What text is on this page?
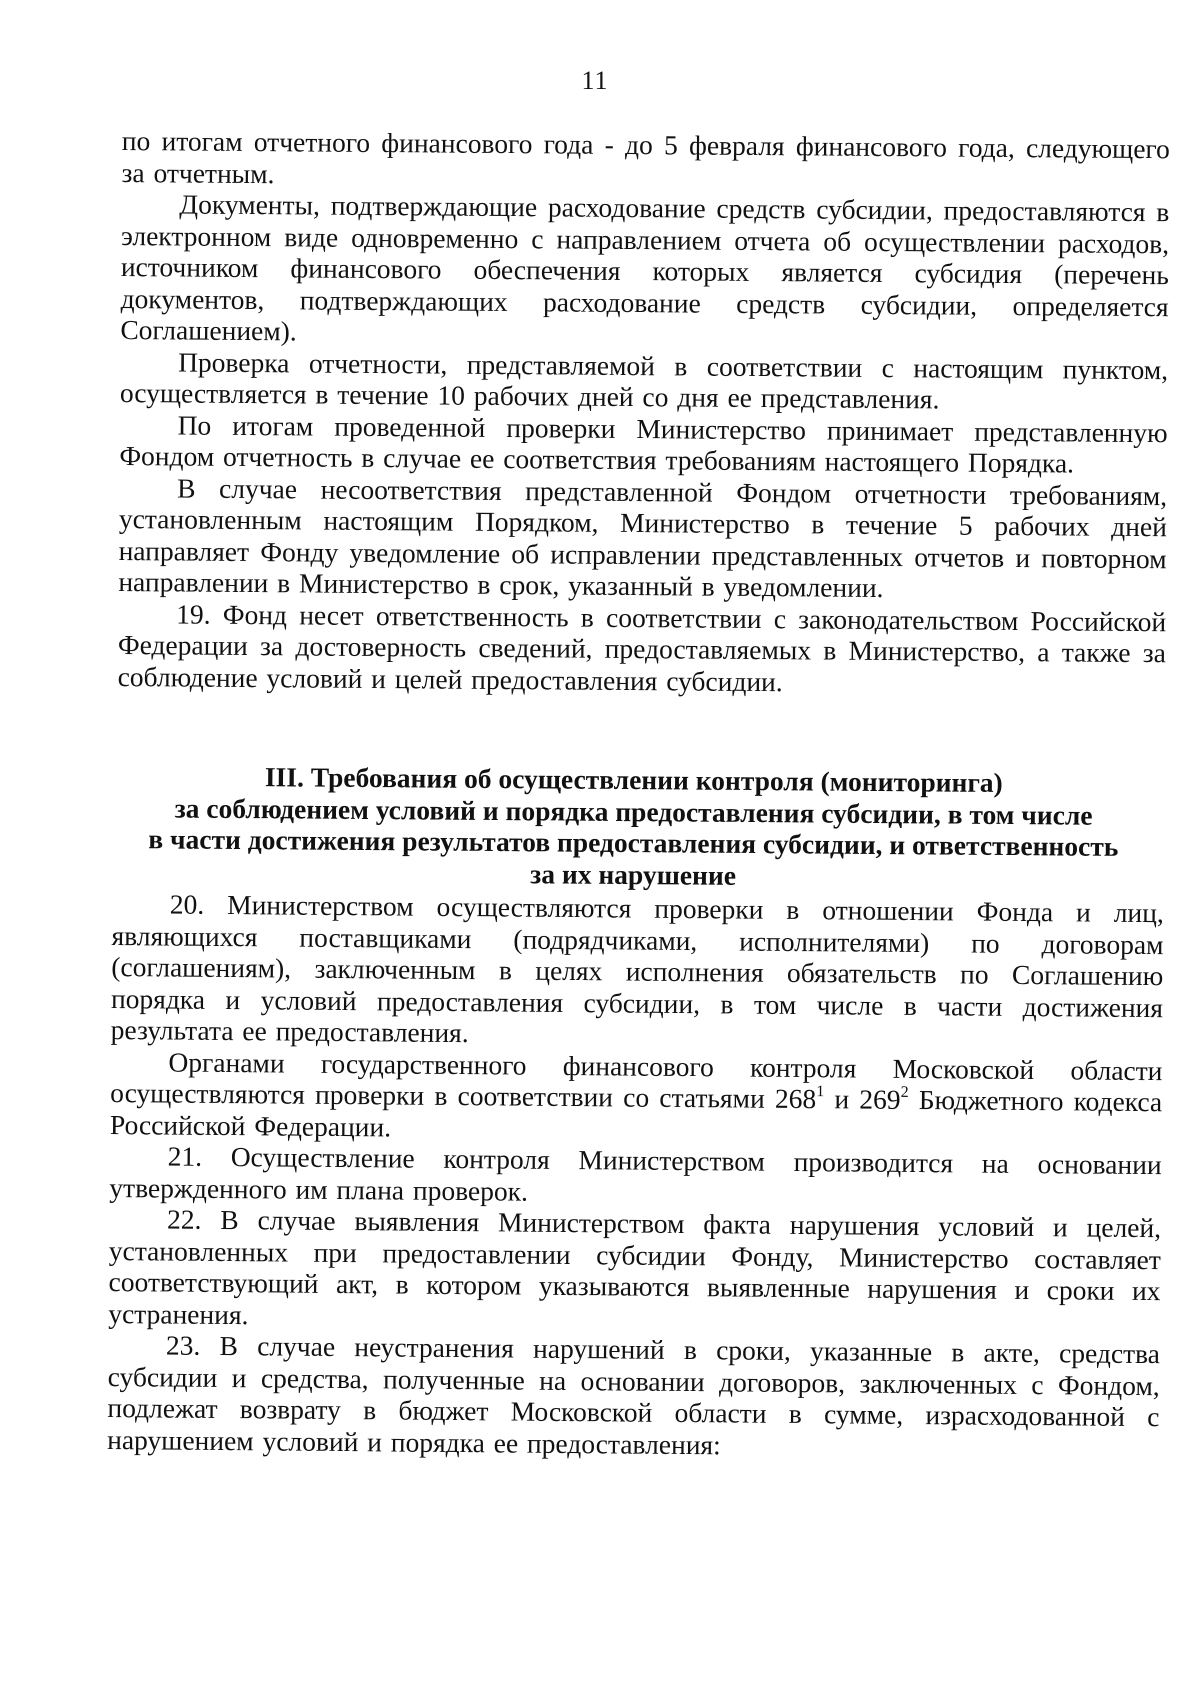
11

по итогам отчетного финансового года - до 5 февраля финансового года, следующего за отчетным.

Документы, подтверждающие расходование средств субсидии, предоставляются в электронном виде одновременно с направлением отчета об осуществлении расходов, источником финансового обеспечения которых является субсидия (перечень документов, подтверждающих расходование средств субсидии, определяется Соглашением).

Проверка отчетности, представляемой в соответствии с настоящим пунктом, осуществляется в течение 10 рабочих дней со дня ее представления.

По итогам проведенной проверки Министерство принимает представленную Фондом отчетность в случае ее соответствия требованиям настоящего Порядка.

В случае несоответствия представленной Фондом отчетности требованиям, установленным настоящим Порядком, Министерство в течение 5 рабочих дней направляет Фонду уведомление об исправлении представленных отчетов и повторном направлении в Министерство в срок, указанный в уведомлении.

19. Фонд несет ответственность в соответствии с законодательством Российской Федерации за достоверность сведений, предоставляемых в Министерство, а также за соблюдение условий и целей предоставления субсидии.

III. Требования об осуществлении контроля (мониторинга)
за соблюдением условий и порядка предоставления субсидии, в том числе
в части достижения результатов предоставления субсидии, и ответственность
за их нарушение

20. Министерством осуществляются проверки в отношении Фонда и лиц, являющихся поставщиками (подрядчиками, исполнителями) по договорам (соглашениям), заключенным в целях исполнения обязательств по Соглашению порядка и условий предоставления субсидии, в том числе в части достижения результата ее предоставления.

Органами государственного финансового контроля Московской области осуществляются проверки в соответствии со статьями $268^1$ и $269^2$ Бюджетного кодекса Российской Федерации.

21. Осуществление контроля Министерством производится на основании утвержденного им плана проверок.

22. В случае выявления Министерством факта нарушения условий и целей, установленных при предоставлении субсидии Фонду, Министерство составляет соответствующий акт, в котором указываются выявленные нарушения и сроки их устранения.

23. В случае неустранения нарушений в сроки, указанные в акте, средства субсидии и средства, полученные на основании договоров, заключенных с Фондом, подлежат возврату в бюджет Московской области в сумме, израсходованной с нарушением условий и порядка ее предоставления:
